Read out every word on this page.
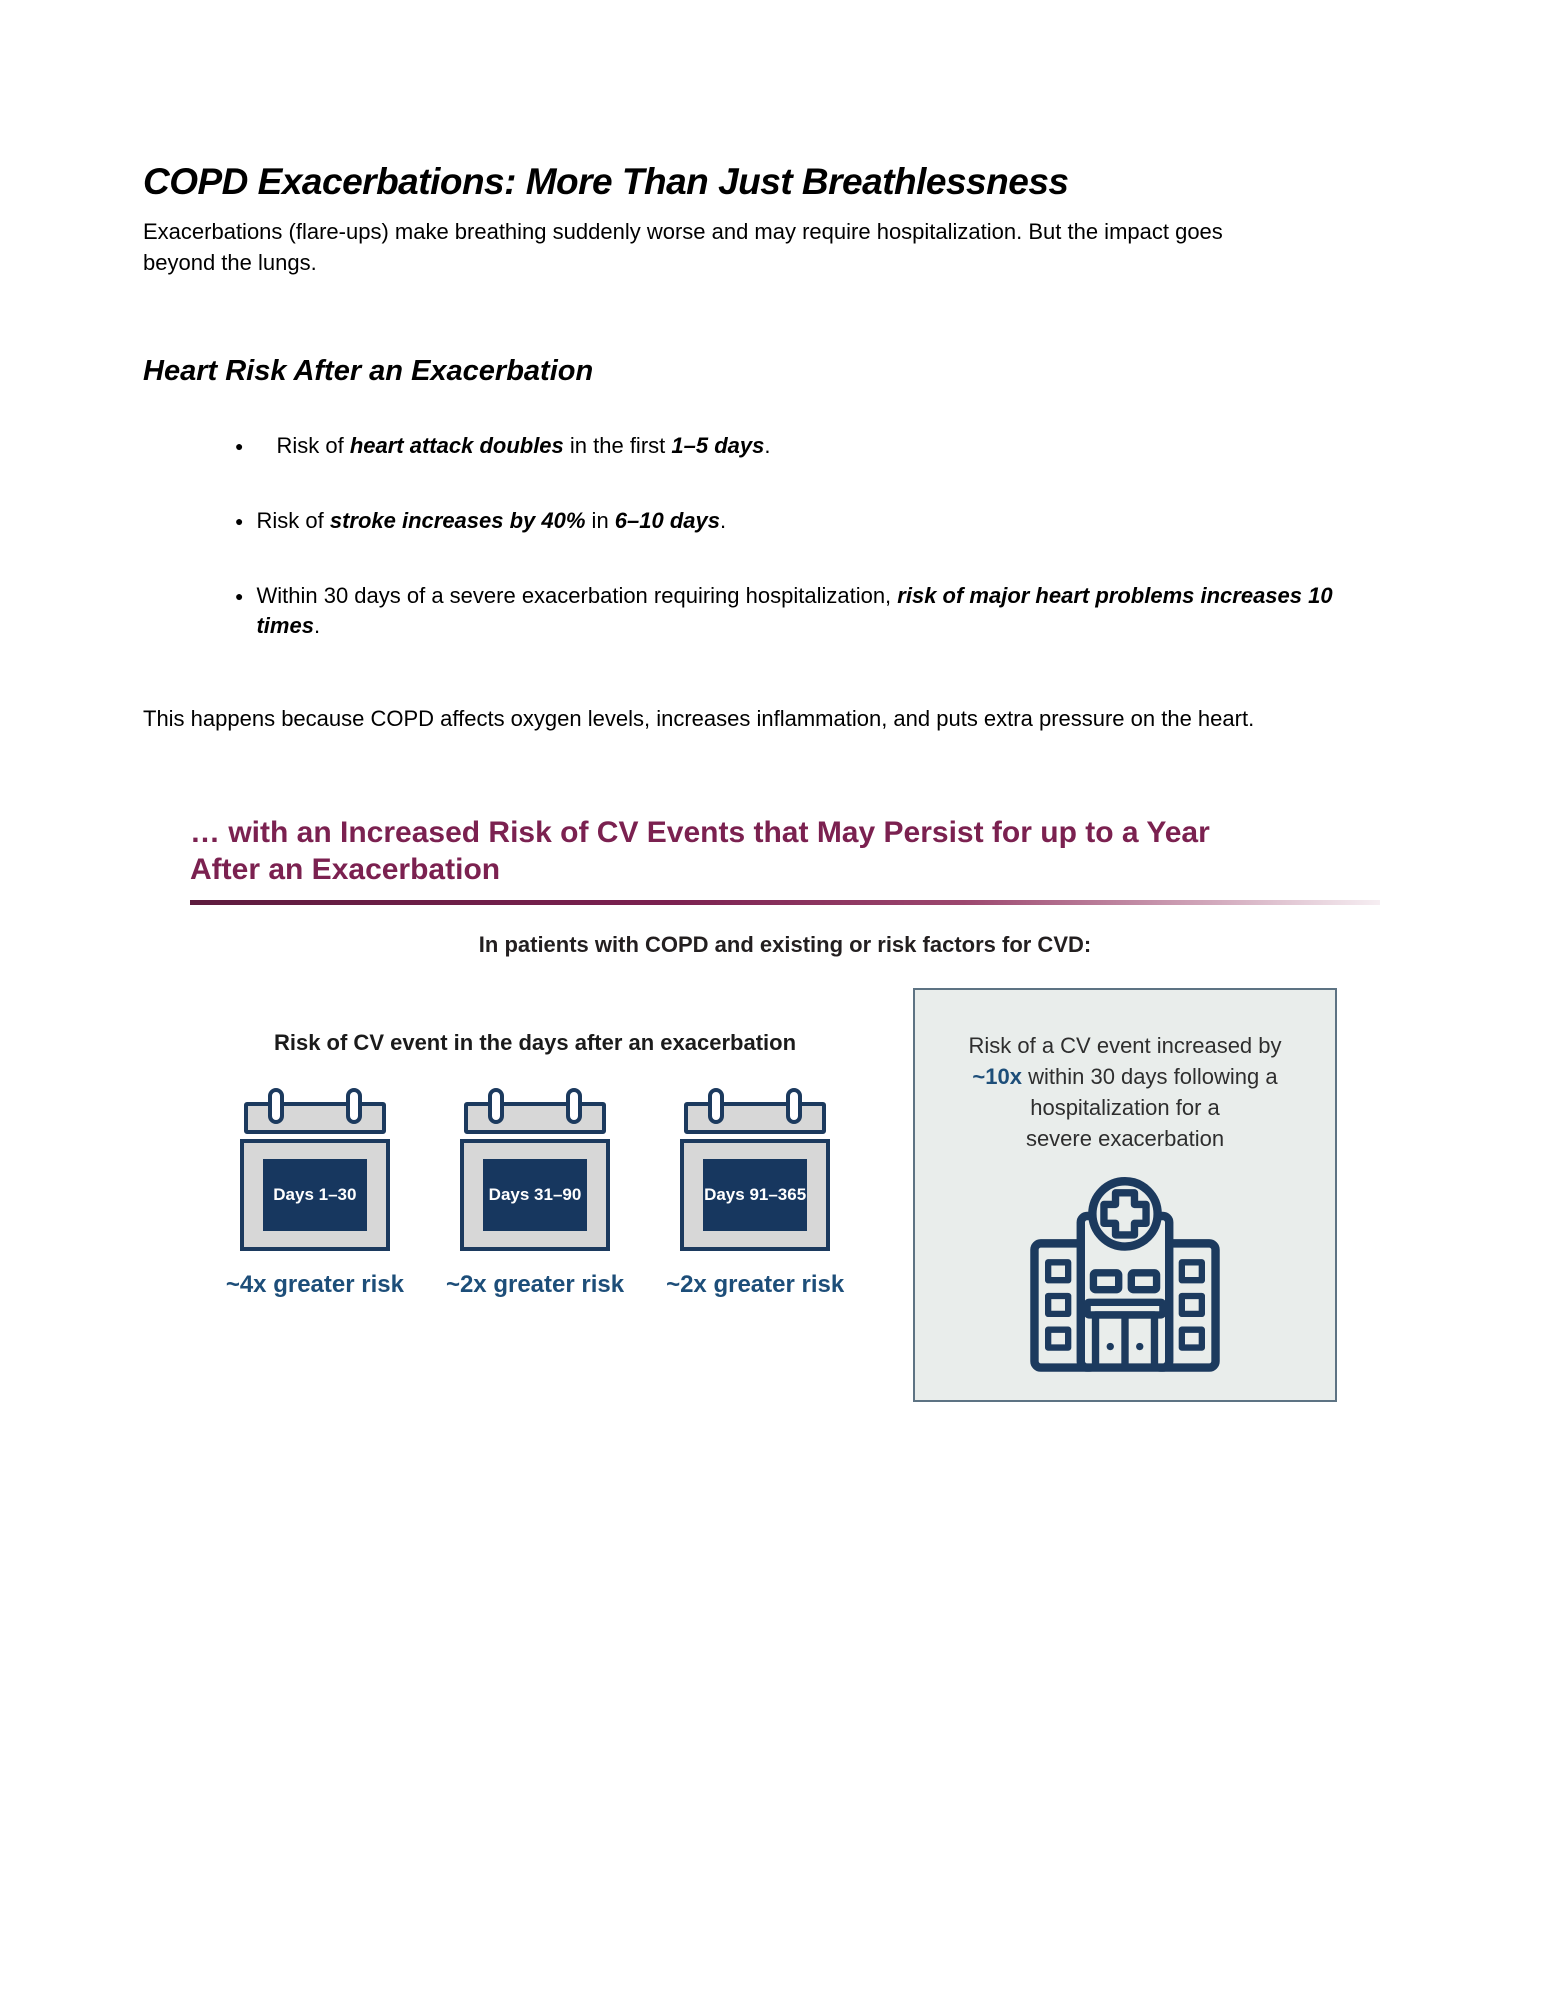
COPD Exacerbations: More Than Just Breathlessness

Exacerbations (flare-ups) make breathing suddenly worse and may require hospitalization. But the impact goes beyond the lungs.

Heart Risk After an Exacerbation
● Risk of heart attack doubles in the first 1–5 days.
● Risk of stroke increases by 40% in 6–10 days.
● Within 30 days of a severe exacerbation requiring hospitalization, risk of major heart problems increases 10 times.

This happens because COPD affects oxygen levels, increases inflammation, and puts extra pressure on the heart.

… with an Increased Risk of CV Events that May Persist for up to a Year
After an Exacerbation
In patients with COPD and existing or risk factors for CVD:
Risk of CV event in the days after an exacerbation
Days 1–30
~4x greater risk
Days 31–90
~2x greater risk
Days 91–365
~2x greater risk
Risk of a CV event increased by
~10x within 30 days following a
hospitalization for a
severe exacerbation
